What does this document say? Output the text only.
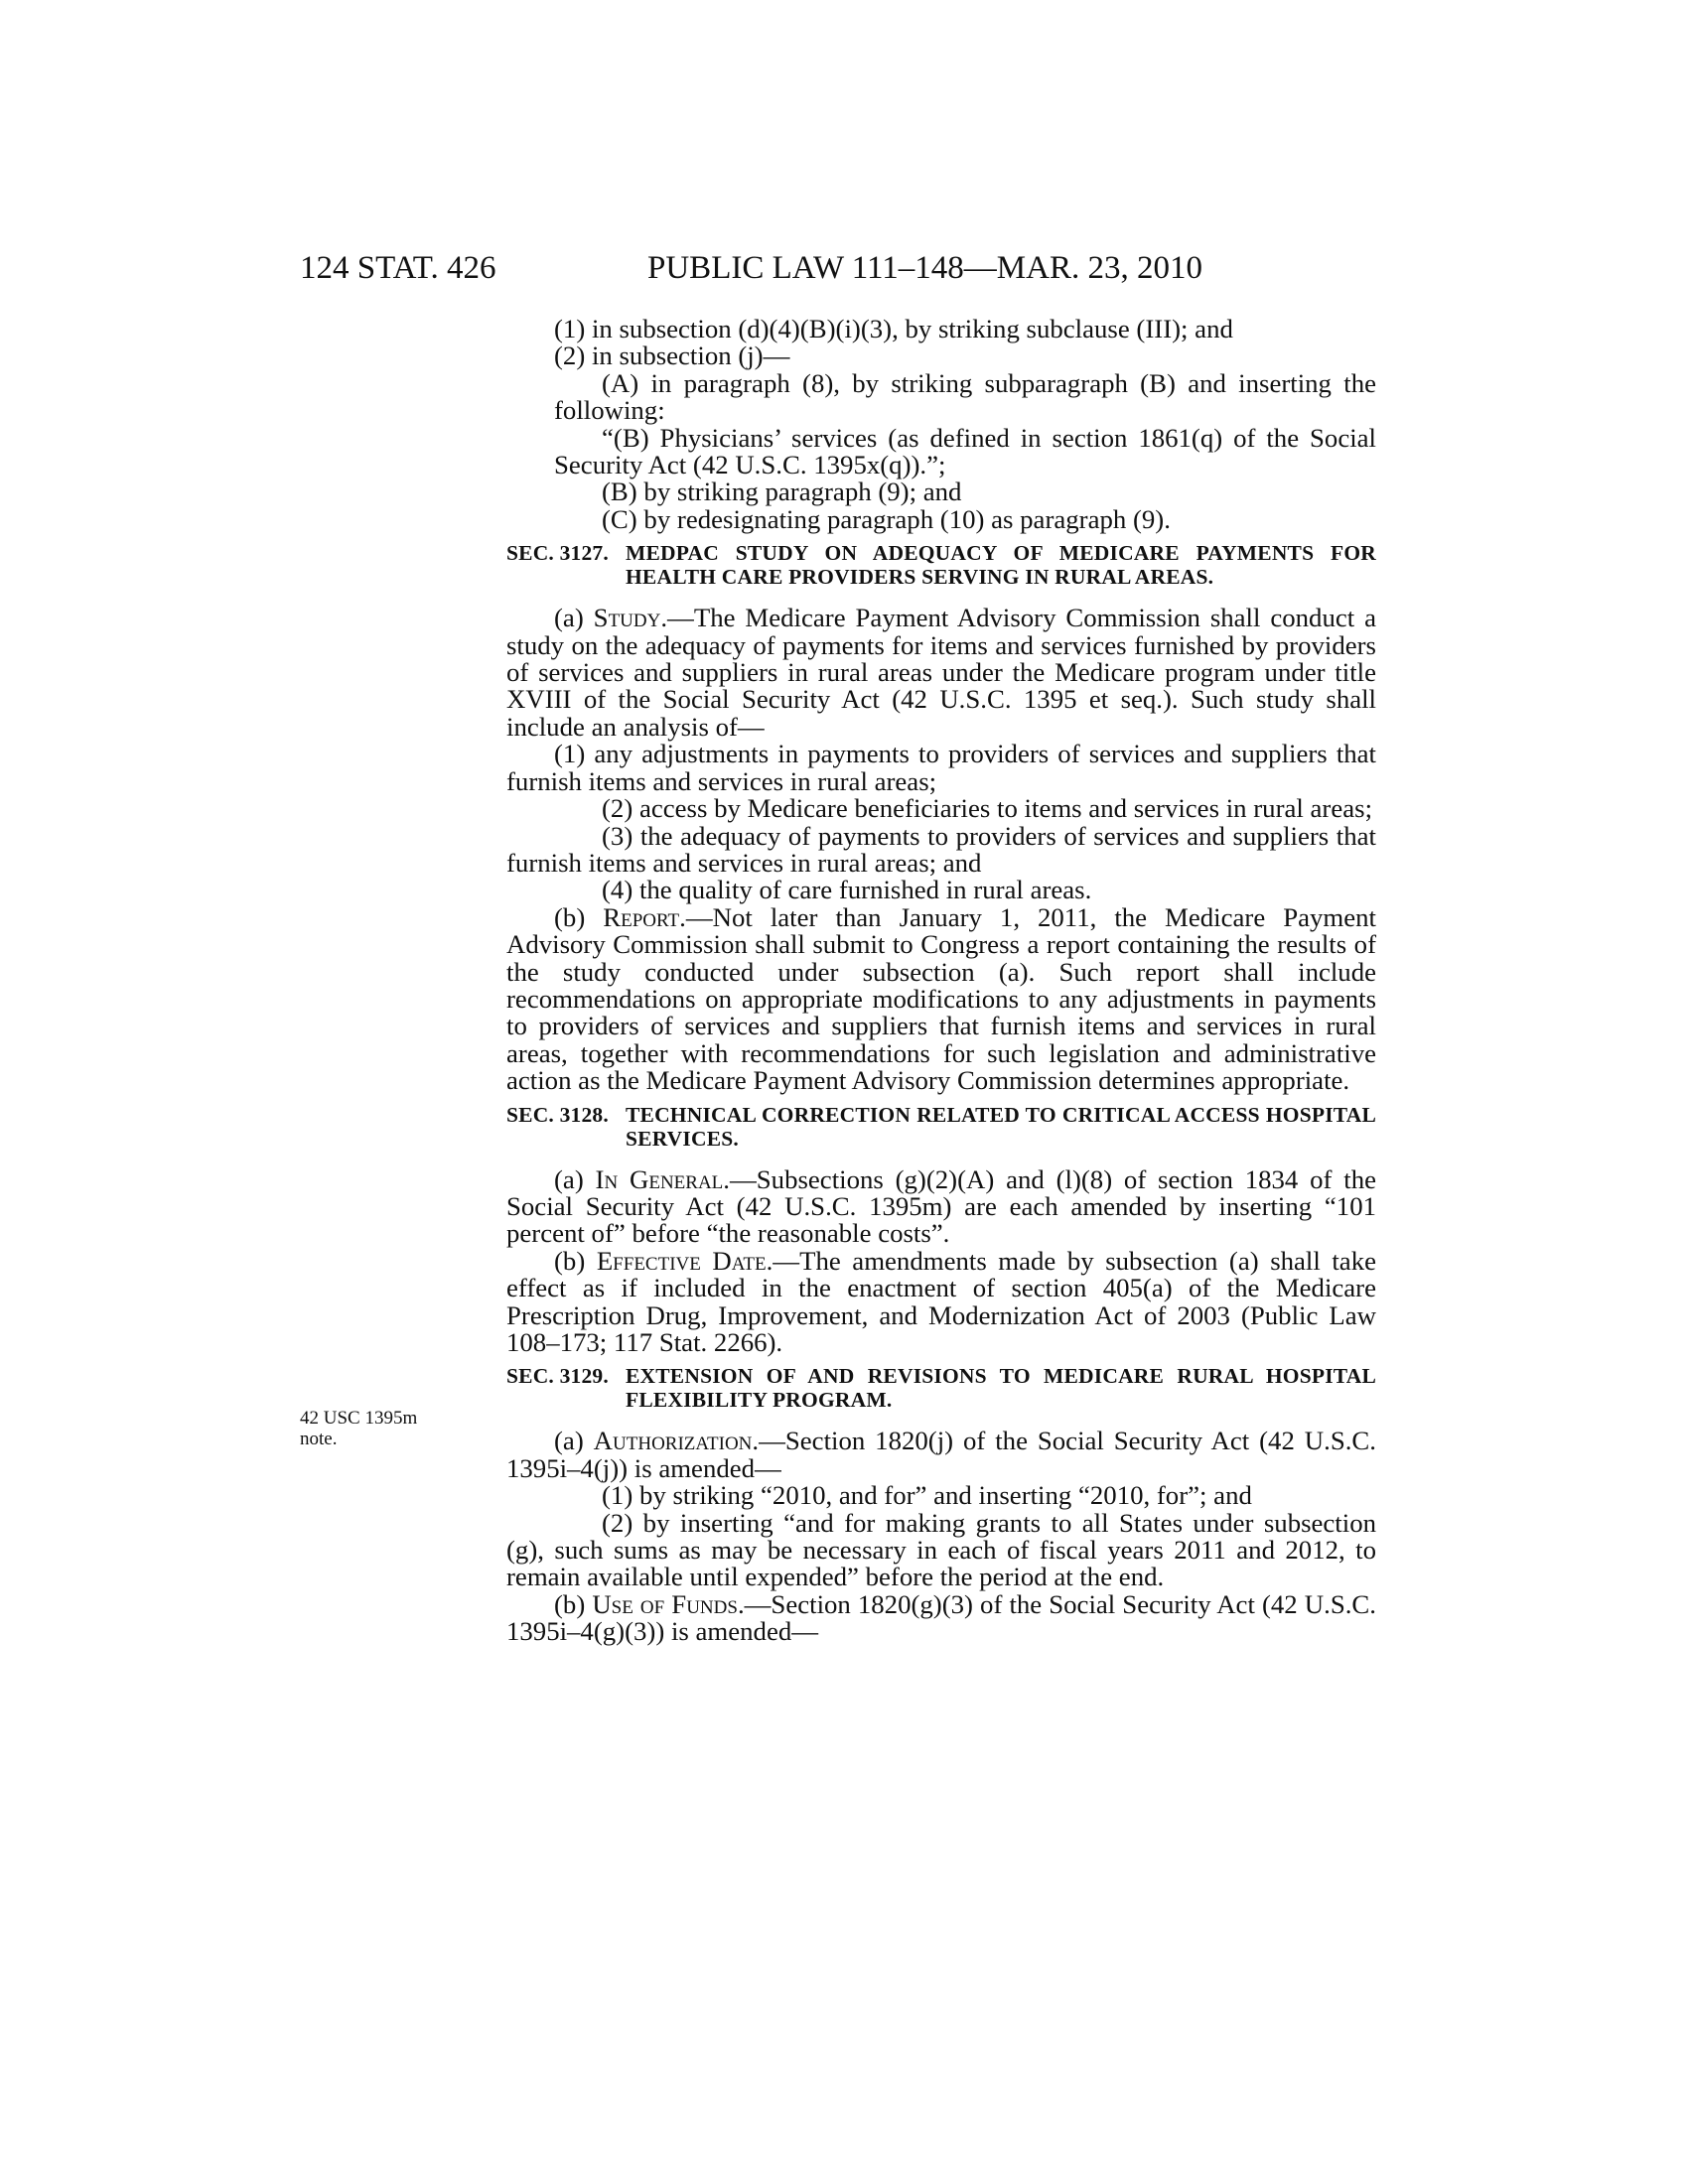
124 STAT. 426	PUBLIC LAW 111–148—MAR. 23, 2010
42 USC 1395m
note.

(1) in subsection (d)(4)(B)(i)(3), by striking subclause (III); and

(2) in subsection (j)—

(A) in paragraph (8), by striking subparagraph (B) and inserting the following:

“(B) Physicians’ services (as defined in section 1861(q) of the Social Security Act (42 U.S.C. 1395x(q)).”;

(B) by striking paragraph (9); and

(C) by redesignating paragraph (10) as paragraph (9).

SEC. 3127. MEDPAC STUDY ON ADEQUACY OF MEDICARE PAYMENTS FOR HEALTH CARE PROVIDERS SERVING IN RURAL AREAS.

(a) Study.—The Medicare Payment Advisory Commission shall conduct a study on the adequacy of payments for items and services furnished by providers of services and suppliers in rural areas under the Medicare program under title XVIII of the Social Security Act (42 U.S.C. 1395 et seq.). Such study shall include an analysis of—

(1) any adjustments in payments to providers of services and suppliers that furnish items and services in rural areas;

(2) access by Medicare beneficiaries to items and services in rural areas;

(3) the adequacy of payments to providers of services and suppliers that furnish items and services in rural areas; and

(4) the quality of care furnished in rural areas.

(b) Report.—Not later than January 1, 2011, the Medicare Payment Advisory Commission shall submit to Congress a report containing the results of the study conducted under subsection (a). Such report shall include recommendations on appropriate modifications to any adjustments in payments to providers of services and suppliers that furnish items and services in rural areas, together with recommendations for such legislation and administrative action as the Medicare Payment Advisory Commission determines appropriate.

SEC. 3128. TECHNICAL CORRECTION RELATED TO CRITICAL ACCESS HOSPITAL SERVICES.

(a) In General.—Subsections (g)(2)(A) and (l)(8) of section 1834 of the Social Security Act (42 U.S.C. 1395m) are each amended by inserting “101 percent of” before “the reasonable costs”.

(b) Effective Date.—The amendments made by subsection (a) shall take effect as if included in the enactment of section 405(a) of the Medicare Prescription Drug, Improvement, and Modernization Act of 2003 (Public Law 108–173; 117 Stat. 2266).

SEC. 3129. EXTENSION OF AND REVISIONS TO MEDICARE RURAL HOSPITAL FLEXIBILITY PROGRAM.

(a) Authorization.—Section 1820(j) of the Social Security Act (42 U.S.C. 1395i–4(j)) is amended—

(1) by striking “2010, and for” and inserting “2010, for”; and

(2) by inserting “and for making grants to all States under subsection (g), such sums as may be necessary in each of fiscal years 2011 and 2012, to remain available until expended” before the period at the end.

(b) Use of Funds.—Section 1820(g)(3) of the Social Security Act (42 U.S.C. 1395i–4(g)(3)) is amended—
